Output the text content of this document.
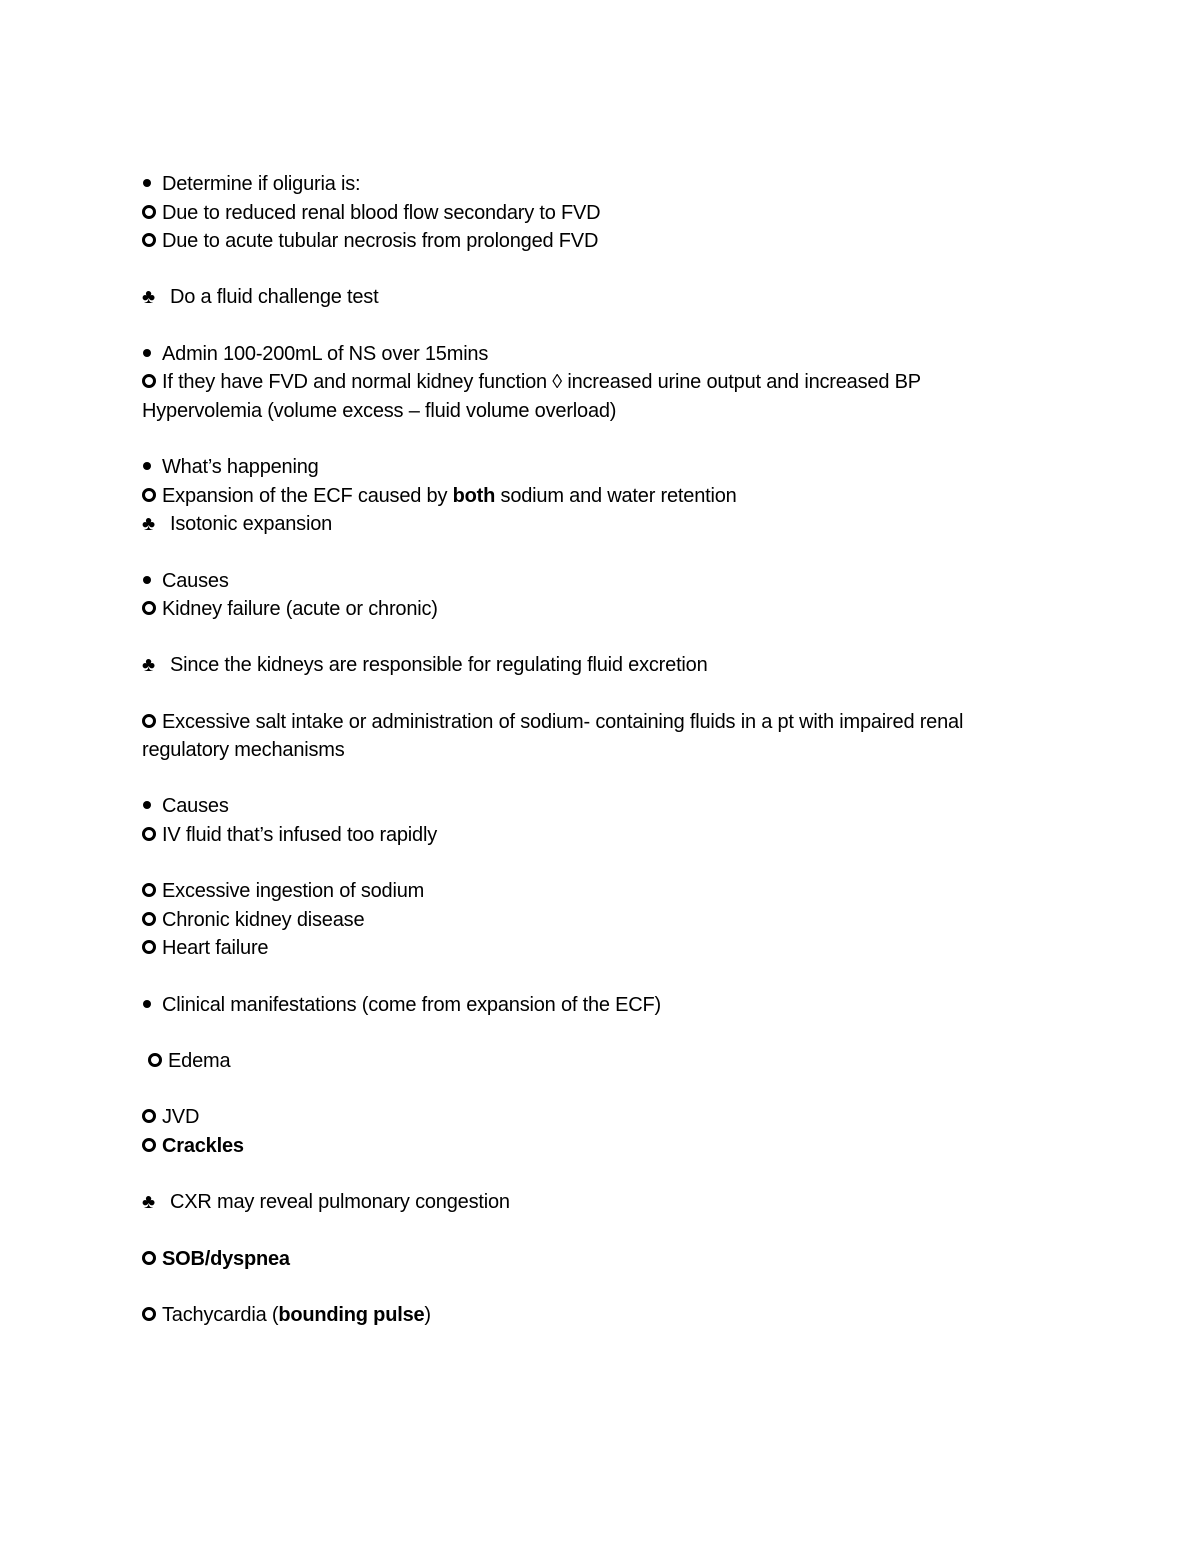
Determine if oliguria is:
Due to reduced renal blood flow secondary to FVD
Due to acute tubular necrosis from prolonged FVD
♣ Do a fluid challenge test
Admin 100-200mL of NS over 15mins
If they have FVD and normal kidney function ◊ increased urine output and increased BP
Hypervolemia (volume excess – fluid volume overload)
What’s happening
Expansion of the ECF caused by both sodium and water retention
♣ Isotonic expansion
Causes
Kidney failure (acute or chronic)
♣ Since the kidneys are responsible for regulating fluid excretion
Excessive salt intake or administration of sodium- containing fluids in a pt with impaired renal
regulatory mechanisms
Causes
IV fluid that’s infused too rapidly
Excessive ingestion of sodium
Chronic kidney disease
Heart failure
Clinical manifestations (come from expansion of the ECF)
Edema
JVD
Crackles
♣ CXR may reveal pulmonary congestion
SOB/dyspnea
Tachycardia (bounding pulse)
